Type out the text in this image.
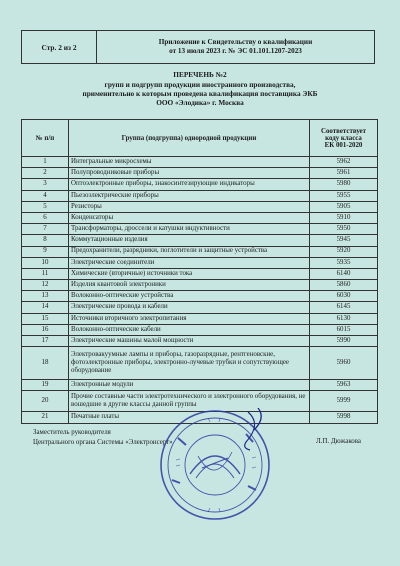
Стр. 2 из 2
Приложение к Свидетельству о квалификации
от 13 июля 2023 г. № ЭС 01.101.1207-2023
ПЕРЕЧЕНЬ №2
групп и подгрупп продукции иностранного производства,
применительно к которым проведена квалификация поставщика ЭКБ
ООО «Элодика» г. Москва
№ п/п	Группа (подгруппа) однородной продукции	Соответствует
коду класса
ЕК 001-2020
1	Интегральные микросхемы	5962
2	Полупроводниковые приборы	5961
3	Оптоэлектронные приборы, знакосинтезирующие индикаторы	5980
4	Пьезоэлектрические приборы	5955
5	Резисторы	5905
6	Конденсаторы	5910
7	Трансформаторы, дроссели и катушки индуктивности	5950
8	Коммутационные изделия	5945
9	Предохранители, разрядники, поглотители и защитные устройства	5920
10	Электрические соединители	5935
11	Химические (вторичные) источники тока	6140
12	Изделия квантовой электроники	5860
13	Волоконно-оптические устройства	6030
14	Электрические провода и кабели	6145
15	Источники вторичного электропитания	6130
16	Волоконно-оптические кабели	6015
17	Электрические машины малой мощности	5990
18	Электровакуумные лампы и приборы, газоразрядные, рентгеновские, фотоэлектронные приборы, электронно-лучевые трубки и сопутствующее оборудование	5960
19	Электронные модули	5963
20	Прочие составные части электротехнического и электронного оборудования, не вошедшие в другие классы данной группы	5999
21	Печатные платы	5998
Заместитель руководителя
Центрального органа Системы «Электронсерт»	Л.П. Дюжакова
